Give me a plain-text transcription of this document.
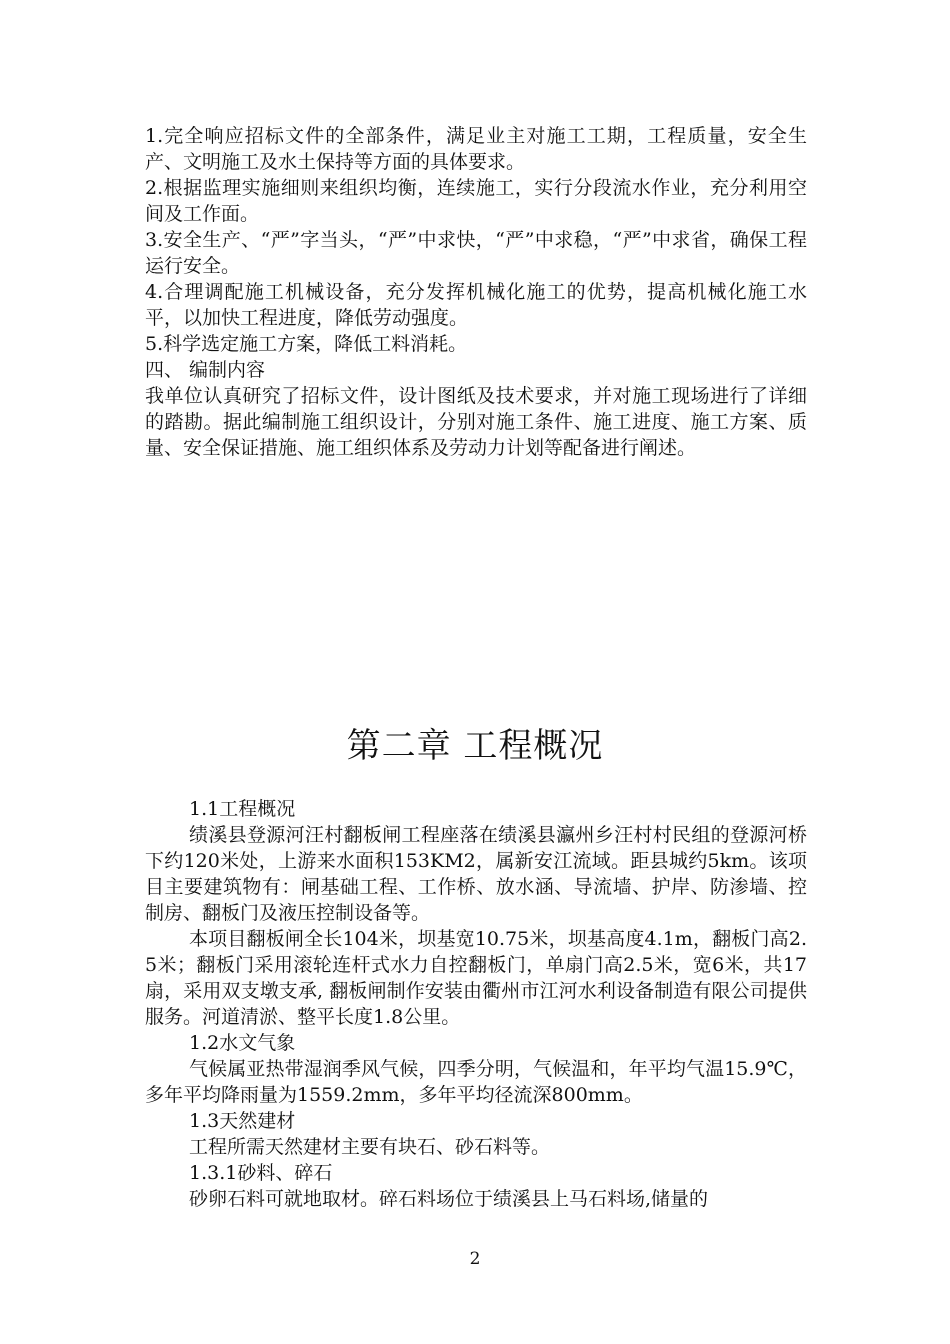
1.完全响应招标文件的全部条件，满足业主对施工工期，工程质量，安全生产、文明施工及水土保持等方面的具体要求。

2.根据监理实施细则来组织均衡，连续施工，实行分段流水作业，充分利用空间及工作面。

3.安全生产、“严”字当头，“严”中求快，“严”中求稳，“严”中求省，确保工程运行安全。

4.合理调配施工机械设备，充分发挥机械化施工的优势，提高机械化施工水平，以加快工程进度，降低劳动强度。

5.科学选定施工方案，降低工料消耗。

四、 编制内容

我单位认真研究了招标文件，设计图纸及技术要求，并对施工现场进行了详细的踏勘。据此编制施工组织设计，分别对施工条件、施工进度、施工方案、质量、安全保证措施、施工组织体系及劳动力计划等配备进行阐述。

第二章 工程概况

1.1工程概况

绩溪县登源河汪村翻板闸工程座落在绩溪县瀛州乡汪村村民组的登源河桥下约120米处，上游来水面积153KM2，属新安江流域。距县城约5km。该项目主要建筑物有：闸基础工程、工作桥、放水涵、导流墙、护岸、防渗墙、控制房、翻板门及液压控制设备等。

本项目翻板闸全长104米，坝基宽10.75米，坝基高度4.1m，翻板门高2.5米；翻板门采用滚轮连杆式水力自控翻板门，单扇门高2.5米，宽6米，共17扇，采用双支墩支承, 翻板闸制作安装由衢州市江河水利设备制造有限公司提供服务。河道清淤、整平长度1.8公里。

1.2水文气象

气候属亚热带湿润季风气候，四季分明，气候温和，年平均气温15.9℃，多年平均降雨量为1559.2mm，多年平均径流深800mm。

1.3天然建材

工程所需天然建材主要有块石、砂石料等。

1.3.1砂料、碎石

砂卵石料可就地取材。碎石料场位于绩溪县上马石料场,储量的

2
